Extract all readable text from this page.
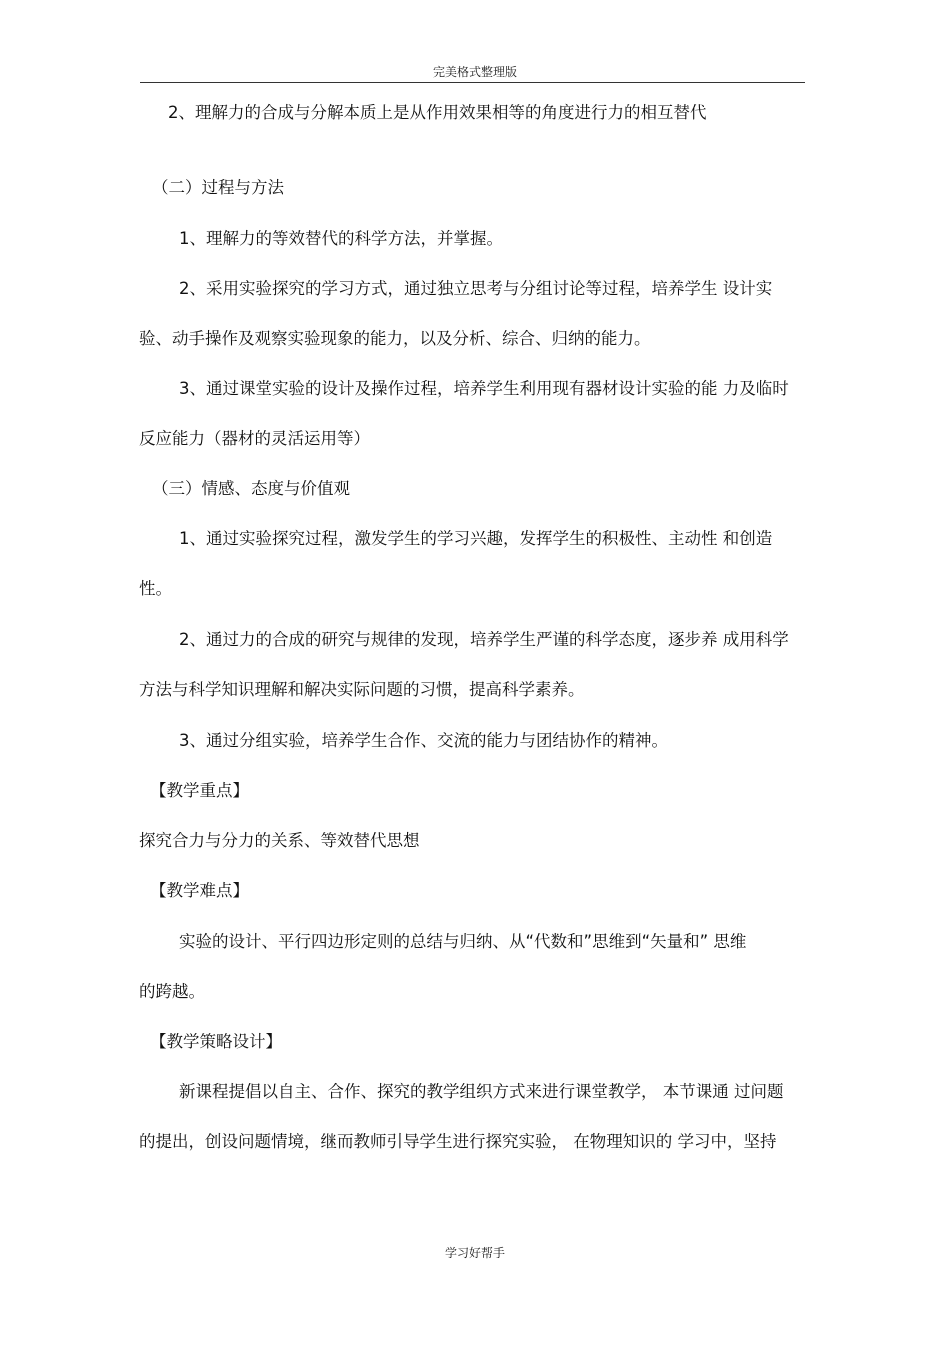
完美格式整理版
2、理解力的合成与分解本质上是从作用效果相等的角度进行力的相互替代
（二）过程与方法
1、理解力的等效替代的科学方法，并掌握。
2、采用实验探究的学习方式，通过独立思考与分组讨论等过程，培养学生 设计实
验、动手操作及观察实验现象的能力，以及分析、综合、归纳的能力。
3、通过课堂实验的设计及操作过程，培养学生利用现有器材设计实验的能 力及临时
反应能力（器材的灵活运用等）
（三）情感、态度与价值观
1、通过实验探究过程，激发学生的学习兴趣，发挥学生的积极性、主动性 和创造
性。
2、通过力的合成的研究与规律的发现，培养学生严谨的科学态度，逐步养 成用科学
方法与科学知识理解和解决实际问题的习惯，提高科学素养。
3、通过分组实验，培养学生合作、交流的能力与团结协作的精神。
【教学重点】
探究合力与分力的关系、等效替代思想
【教学难点】
实验的设计、平行四边形定则的总结与归纳、从“代数和”思维到“矢量和” 思维
的跨越。
【教学策略设计】
新课程提倡以自主、合作、探究的教学组织方式来进行课堂教学， 本节课通 过问题
的提出，创设问题情境，继而教师引导学生进行探究实验， 在物理知识的 学习中，坚持
学习好帮手
